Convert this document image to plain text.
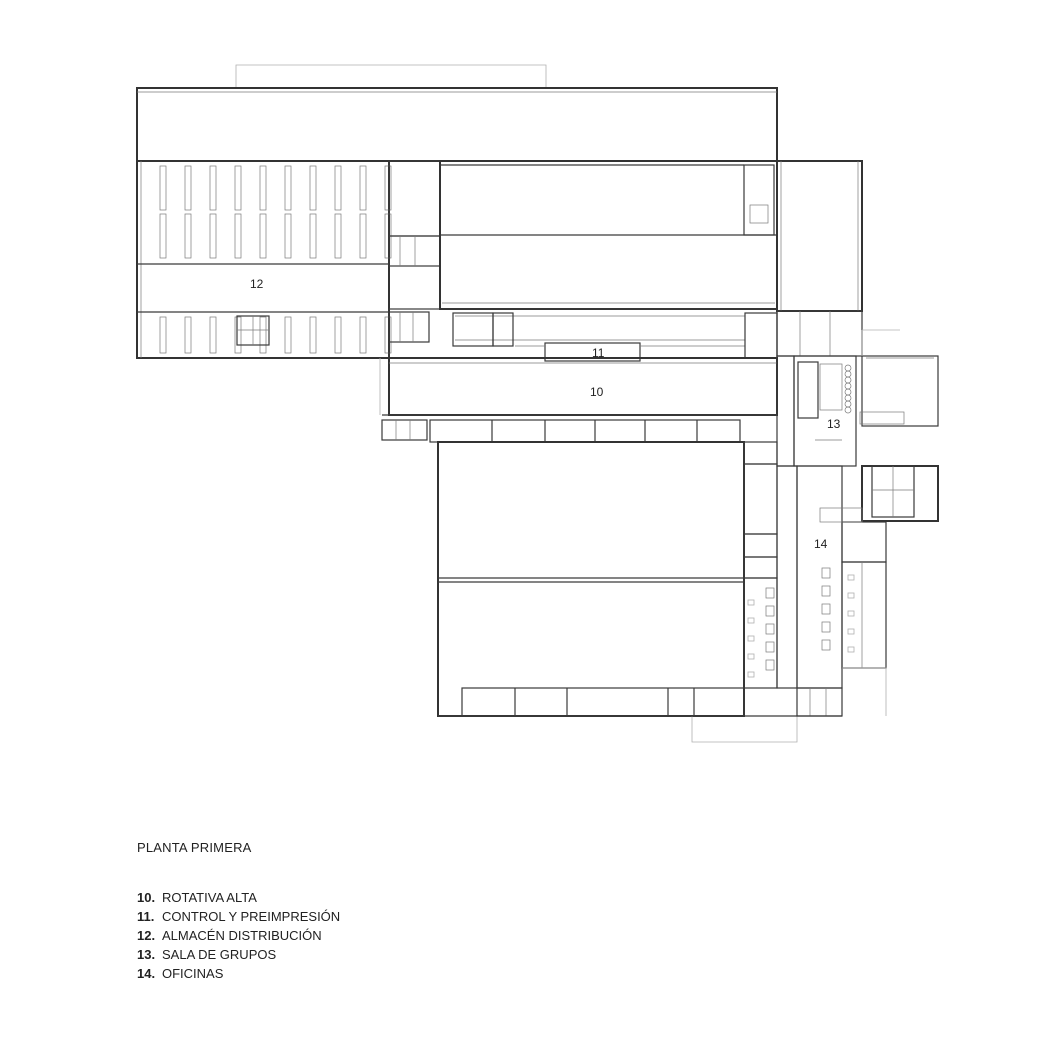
12
11
10
13
14
PLANTA PRIMERA
10. ROTATIVA ALTA
11. CONTROL Y PREIMPRESIÓN
12. ALMACÉN DISTRIBUCIÓN
13. SALA DE GRUPOS
14. OFICINAS
